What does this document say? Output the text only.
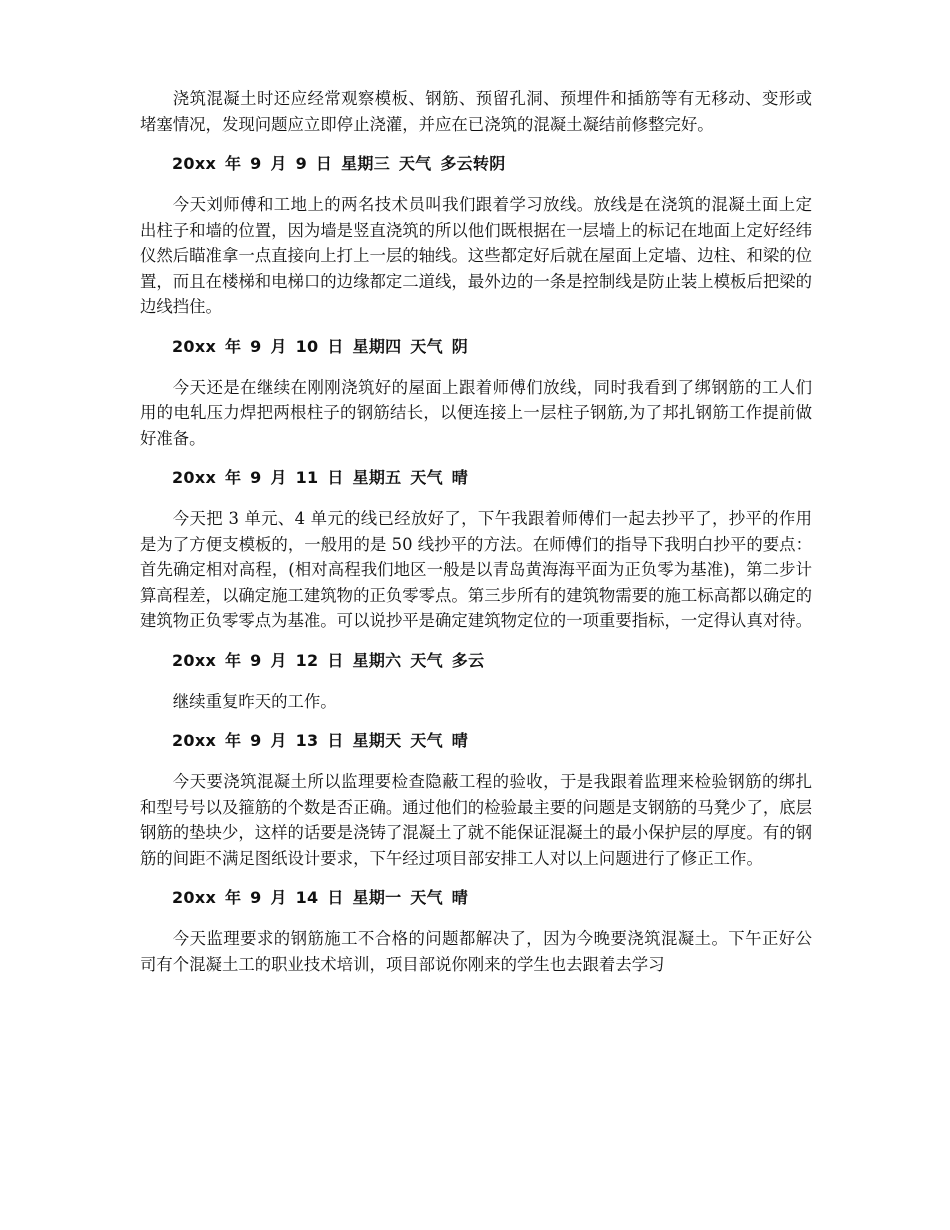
浇筑混凝土时还应经常观察模板、钢筋、预留孔洞、预埋件和插筋等有无移动、变形或堵塞情况，发现问题应立即停止浇灌，并应在已浇筑的混凝土凝结前修整完好。

20xx 年 9 月 9 日 星期三 天气 多云转阴

今天刘师傅和工地上的两名技术员叫我们跟着学习放线。放线是在浇筑的混凝土面上定出柱子和墙的位置，因为墙是竖直浇筑的所以他们既根据在一层墙上的标记在地面上定好经纬仪然后瞄准拿一点直接向上打上一层的轴线。这些都定好后就在屋面上定墙、边柱、和梁的位置，而且在楼梯和电梯口的边缘都定二道线，最外边的一条是控制线是防止装上模板后把梁的边线挡住。

20xx 年 9 月 10 日 星期四 天气 阴

今天还是在继续在刚刚浇筑好的屋面上跟着师傅们放线，同时我看到了绑钢筋的工人们用的电轧压力焊把两根柱子的钢筋结长，以便连接上一层柱子钢筋,为了邦扎钢筋工作提前做好准备。

20xx 年 9 月 11 日 星期五 天气 晴

今天把 3 单元、4 单元的线已经放好了，下午我跟着师傅们一起去抄平了，抄平的作用是为了方便支模板的，一般用的是 50 线抄平的方法。在师傅们的指导下我明白抄平的要点：首先确定相对高程，(相对高程我们地区一般是以青岛黄海海平面为正负零为基准)，第二步计算高程差，以确定施工建筑物的正负零零点。第三步所有的建筑物需要的施工标高都以确定的建筑物正负零零点为基准。可以说抄平是确定建筑物定位的一项重要指标，一定得认真对待。

20xx 年 9 月 12 日 星期六 天气 多云

继续重复昨天的工作。

20xx 年 9 月 13 日 星期天 天气 晴

今天要浇筑混凝土所以监理要检查隐蔽工程的验收，于是我跟着监理来检验钢筋的绑扎和型号号以及箍筋的个数是否正确。通过他们的检验最主要的问题是支钢筋的马凳少了，底层钢筋的垫块少，这样的话要是浇铸了混凝土了就不能保证混凝土的最小保护层的厚度。有的钢筋的间距不满足图纸设计要求，下午经过项目部安排工人对以上问题进行了修正工作。

20xx 年 9 月 14 日 星期一 天气 晴

今天监理要求的钢筋施工不合格的问题都解决了，因为今晚要浇筑混凝土。下午正好公司有个混凝土工的职业技术培训，项目部说你刚来的学生也去跟着去学习
